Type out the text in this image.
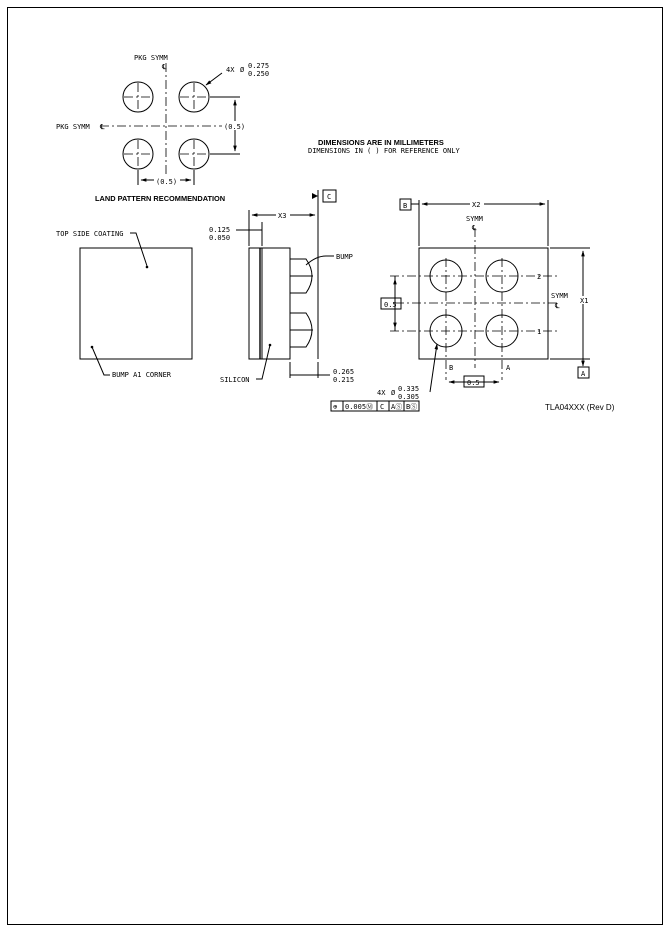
PKG SYMM
℄
PKG SYMM ℄
4X Ø 0.275
0.250
(0.5)
(0.5)
LAND PATTERN RECOMMENDATION
DIMENSIONS ARE IN MILLIMETERS
DIMENSIONS IN ( ) FOR REFERENCE ONLY
TOP SIDE COATING
BUMP A1 CORNER
C
X3
0.125
0.050
BUMP
SILICON
0.265
0.215
B	X2
SYMM
℄
SYMM
℄
X1
A
2
1
B	A
0.5
0.5
4X Ø 0.335
0.305
⊕ 0.005Ⓜ C AⓈ BⓈ	TLA04XXX (Rev D)
